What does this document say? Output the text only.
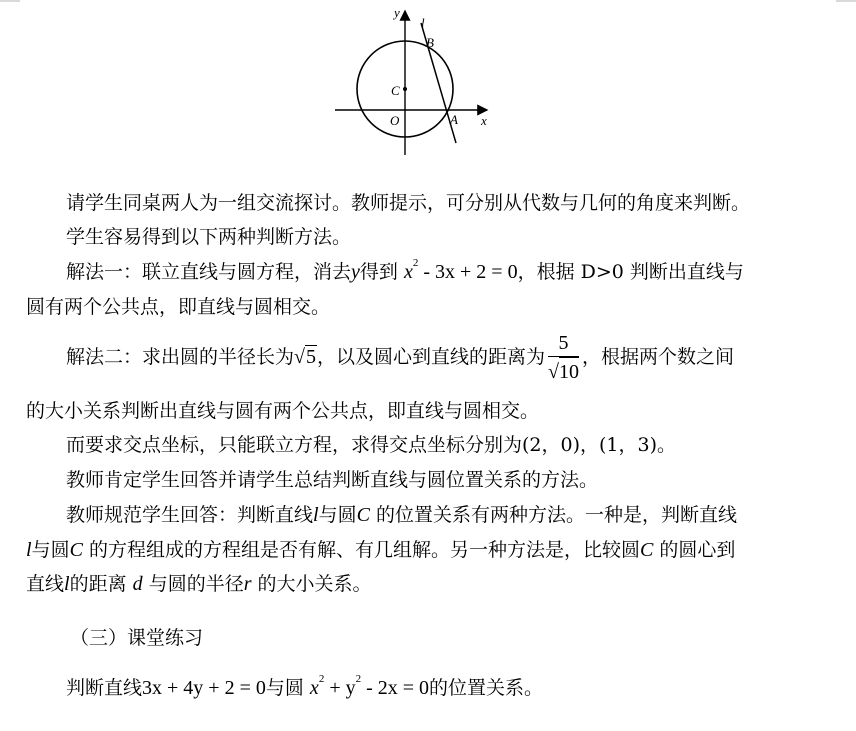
y
l
B
C
O	A x
请学生同桌两人为一组交流探讨。教师提示，可分别从代数与几何的角度来判断。
学生容易得到以下两种判断方法。
解法一：联立直线与圆方程，消去y得到 $x^2 - 3x + 2 = 0$，根据 D>0 判断出直线与
圆有两个公共点，即直线与圆相交。
解法二：求出圆的半径长为√5，以及圆心到直线的距离为 $\frac{5}{√10}$ ，根据两个数之间
的大小关系判断出直线与圆有两个公共点，即直线与圆相交。
而要求交点坐标，只能联立方程，求得交点坐标分别为(2，0)，(1，3)。
教师肯定学生回答并请学生总结判断直线与圆位置关系的方法。
教师规范学生回答：判断直线l与圆C 的位置关系有两种方法。一种是，判断直线
l与圆C 的方程组成的方程组是否有解、有几组解。另一种方法是，比较圆C 的圆心到
直线l的距离 d 与圆的半径r 的大小关系。
（三）课堂练习
判断直线3x + 4y + 2 = 0与圆 $x^2 + y^2 - 2x = 0$的位置关系。
